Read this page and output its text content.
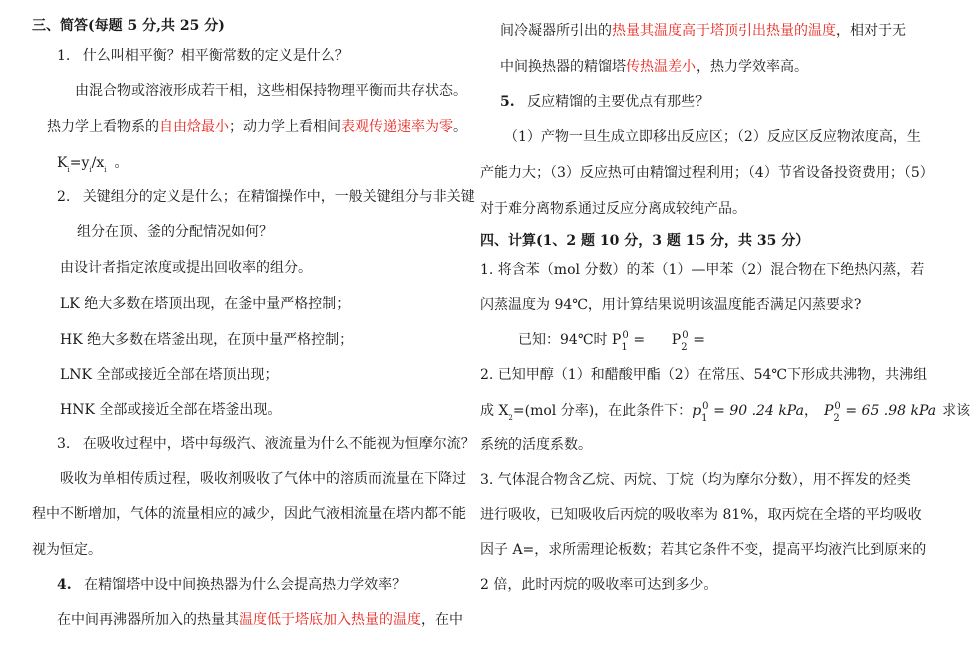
三、简答(每题 5 分,共 25 分)
1. 什么叫相平衡？相平衡常数的定义是什么？
由混合物或溶液形成若干相，这些相保持物理平衡而共存状态。
热力学上看物系的自由焓最小；动力学上看相间表观传递速率为零。
$K_i=y_i/x_i$ 。
2. 关键组分的定义是什么；在精馏操作中，一般关键组分与非关键
组分在顶、釜的分配情况如何？
由设计者指定浓度或提出回收率的组分。
LK 绝大多数在塔顶出现，在釜中量严格控制；
HK 绝大多数在塔釜出现，在顶中量严格控制；
LNK 全部或接近全部在塔顶出现；
HNK 全部或接近全部在塔釜出现。
3. 在吸收过程中，塔中每级汽、液流量为什么不能视为恒摩尔流？
吸收为单相传质过程，吸收剂吸收了气体中的溶质而流量在下降过
程中不断增加，气体的流量相应的减少，因此气液相流量在塔内都不能
视为恒定。
4. 在精馏塔中设中间换热器为什么会提高热力学效率？
在中间再沸器所加入的热量其温度低于塔底加入热量的温度，在中
间冷凝器所引出的热量其温度高于塔顶引出热量的温度，相对于无
中间换热器的精馏塔传热温差小，热力学效率高。
5. 反应精馏的主要优点有那些？
（1）产物一旦生成立即移出反应区；（2）反应区反应物浓度高，生
产能力大；（3）反应热可由精馏过程利用；（4）节省设备投资费用；（5）
对于难分离物系通过反应分离成较纯产品。
四、计算(1、2 题 10 分，3 题 15 分，共 35 分）
1. 将含苯（mol 分数）的苯（1）—甲苯（2）混合物在下绝热闪蒸，若
闪蒸温度为 94℃，用计算结果说明该温度能否满足闪蒸要求?
已知：94℃时 P 0
1 =      P 0
2 =
2. 已知甲醇（1）和醋酸甲酯（2）在常压、54℃下形成共沸物，共沸组
成 $X_2=(mol$ 分率)，在此条件下：p 0
1 = 90 .24 kPa， P 0
2 = 65 .98 kPa 求该
系统的活度系数。
3. 气体混合物含乙烷、丙烷、丁烷（均为摩尔分数），用不挥发的烃类
进行吸收，已知吸收后丙烷的吸收率为 81%，取丙烷在全塔的平均吸收
因子 A=，求所需理论板数；若其它条件不变，提高平均液汽比到原来的
2 倍，此时丙烷的吸收率可达到多少。
